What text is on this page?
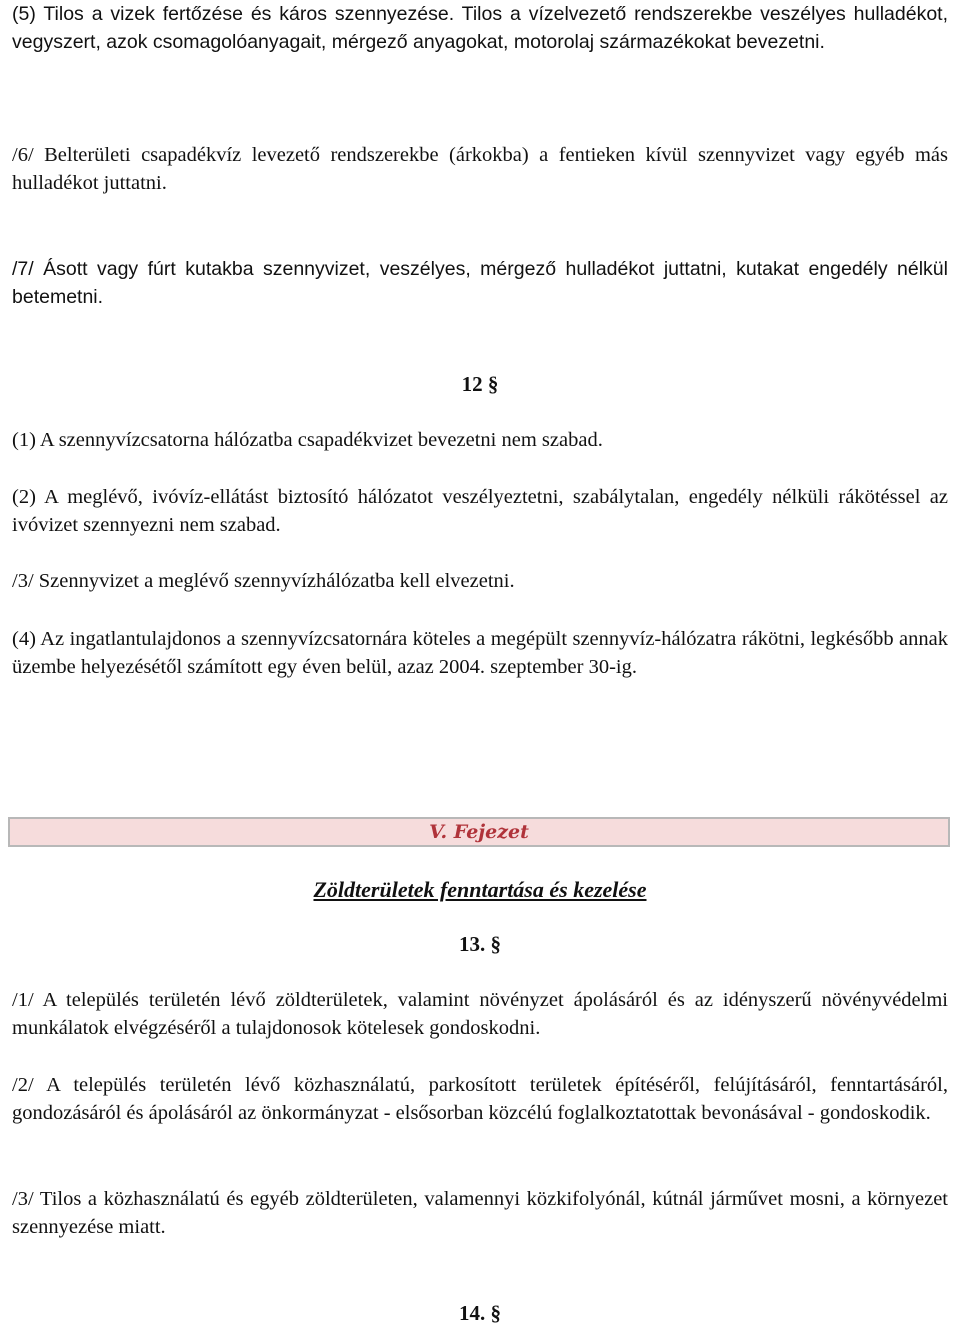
(5) Tilos a vizek fertőzése és káros szennyezése. Tilos a vízelvezető rendszerekbe veszélyes hulladékot, vegyszert, azok csomagolóanyagait, mérgező anyagokat, motorolaj származékokat bevezetni.

/6/ Belterületi csapadékvíz levezető rendszerekbe (árkokba) a fentieken kívül szennyvizet vagy egyéb más hulladékot juttatni.

/7/ Ásott vagy fúrt kutakba szennyvizet, veszélyes, mérgező hulladékot juttatni, kutakat engedély nélkül betemetni.

12 §

(1) A szennyvízcsatorna hálózatba csapadékvizet bevezetni nem szabad.

(2) A meglévő, ivóvíz-ellátást biztosító hálózatot veszélyeztetni, szabálytalan, engedély nélküli rákötéssel az ivóvizet szennyezni nem szabad.

/3/ Szennyvizet a meglévő szennyvízhálózatba kell elvezetni.

(4) Az ingatlantulajdonos a szennyvízcsatornára köteles a megépült szennyvíz-hálózatra rákötni, legkésőbb annak üzembe helyezésétől számított egy éven belül, azaz 2004. szeptember 30-ig.

V. Fejezet

Zöldterületek fenntartása és kezelése

13. §

/1/ A település területén lévő zöldterületek, valamint növényzet ápolásáról és az idényszerű növényvédelmi munkálatok elvégzéséről a tulajdonosok kötelesek gondoskodni.

/2/ A település területén lévő közhasználatú, parkosított területek építéséről, felújításáról, fenntartásáról, gondozásáról és ápolásáról az önkormányzat - elsősorban közcélú foglalkoztatottak bevonásával - gondoskodik.

/3/ Tilos a közhasználatú és egyéb zöldterületen, valamennyi közkifolyónál, kútnál járművet mosni, a környezet szennyezése miatt.

14. §
